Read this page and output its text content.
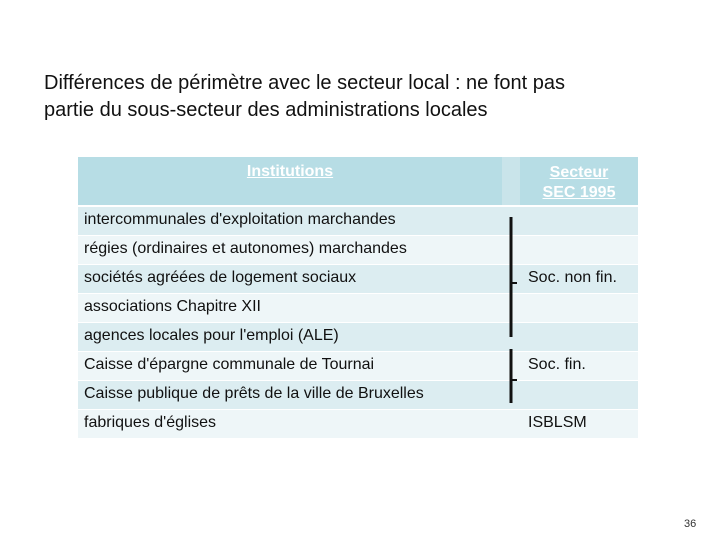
Différences de périmètre avec le secteur local : ne font pas
partie du sous-secteur des administrations locales
Institutions	Secteur
SEC 1995
intercommunales d'exploitation marchandes
régies (ordinaires et autonomes) marchandes
sociétés agréées de logement sociaux	Soc. non fin.
associations Chapitre XII
agences locales pour l'emploi (ALE)
Caisse d'épargne communale de Tournai	Soc. fin.
Caisse publique de prêts de la ville de Bruxelles
fabriques d'églises	ISBLSM
36
